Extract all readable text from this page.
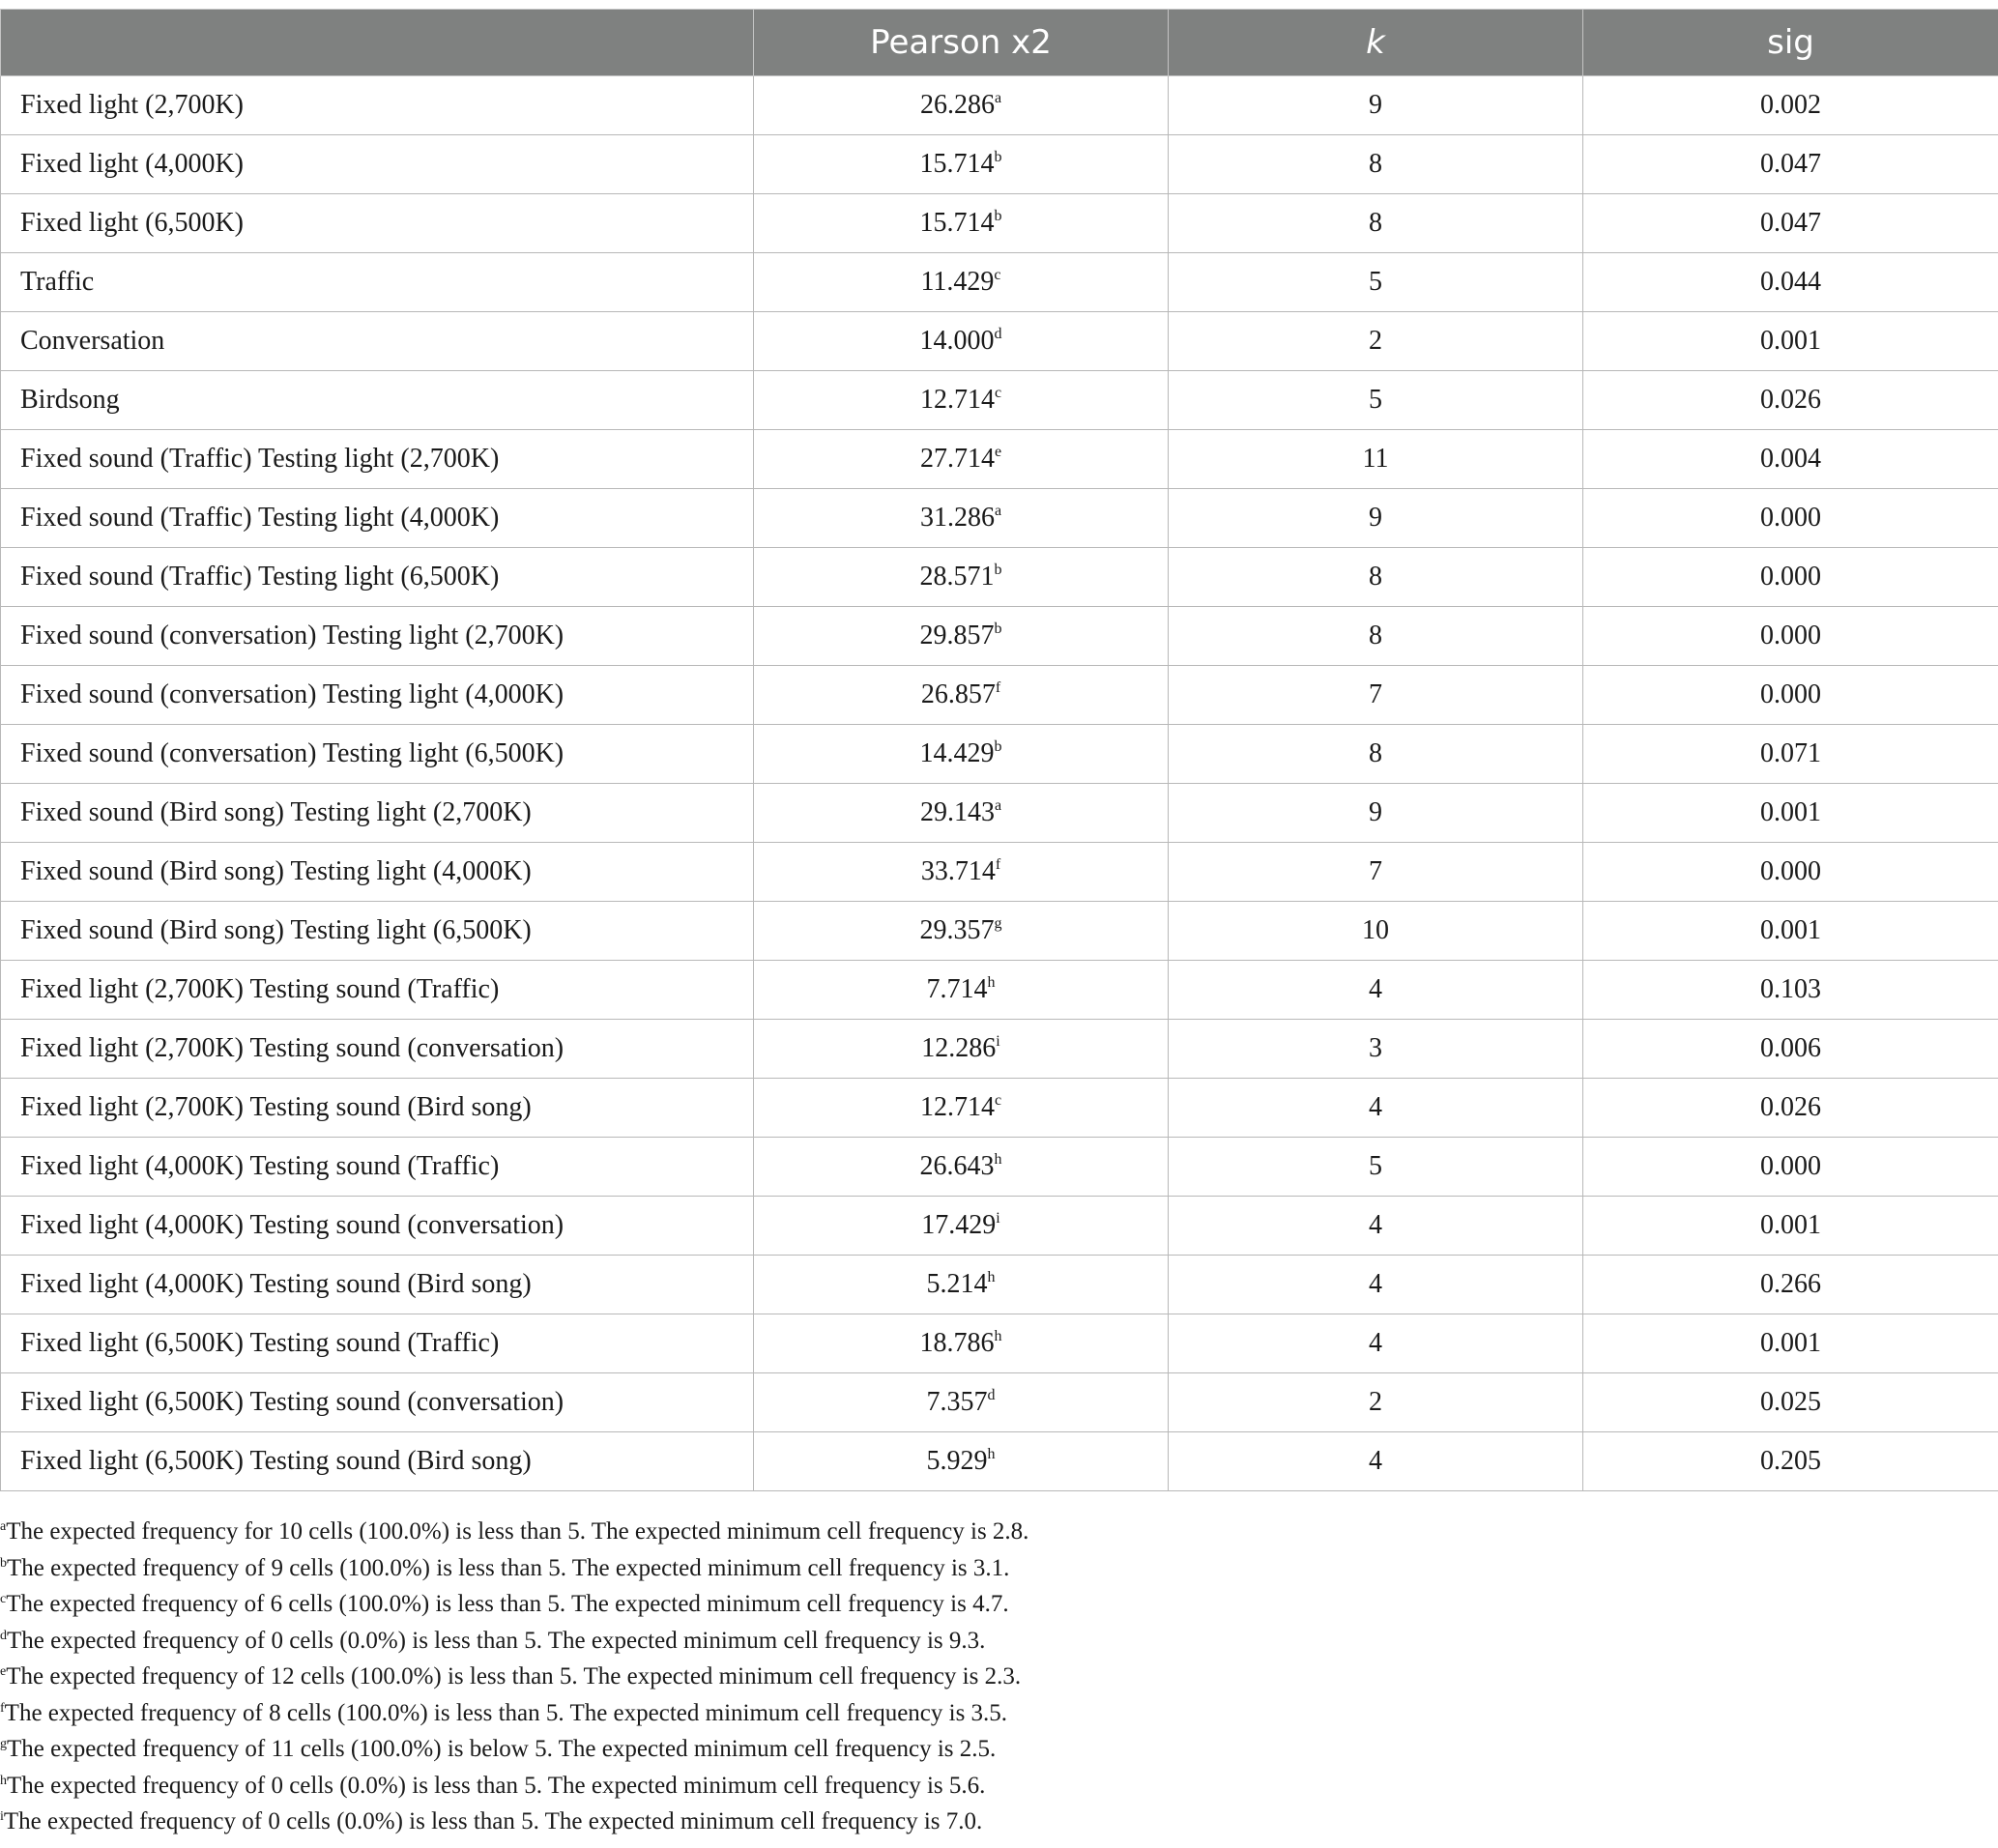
	Pearson x2	k	sig
Fixed light (2,700K)	26.286$^a$	9	0.002
Fixed light (4,000K)	15.714$^b$	8	0.047
Fixed light (6,500K)	15.714$^b$	8	0.047
Traffic	11.429$^c$	5	0.044
Conversation	14.000$^d$	2	0.001
Birdsong	12.714$^c$	5	0.026
Fixed sound (Traffic) Testing light (2,700K)	27.714e	11	0.004
Fixed sound (Traffic) Testing light (4,000K)	31.286$^a$	9	0.000
Fixed sound (Traffic) Testing light (6,500K)	28.571$^b$	8	0.000
Fixed sound (conversation) Testing light (2,700K)	29.857$^b$	8	0.000
Fixed sound (conversation) Testing light (4,000K)	26.857$^f$	7	0.000
Fixed sound (conversation) Testing light (6,500K)	14.429$^b$	8	0.071
Fixed sound (Bird song) Testing light (2,700K)	29.143$^a$	9	0.001
Fixed sound (Bird song) Testing light (4,000K)	33.714$^f$	7	0.000
Fixed sound (Bird song) Testing light (6,500K)	29.357$^g$	10	0.001
Fixed light (2,700K) Testing sound (Traffic)	7.714$^h$	4	0.103
Fixed light (2,700K) Testing sound (conversation)	12.286$^i$	3	0.006
Fixed light (2,700K) Testing sound (Bird song)	12.714$^c$	4	0.026
Fixed light (4,000K) Testing sound (Traffic)	26.643$^h$	5	0.000
Fixed light (4,000K) Testing sound (conversation)	17.429$^i$	4	0.001
Fixed light (4,000K) Testing sound (Bird song)	5.214$^h$	4	0.266
Fixed light (6,500K) Testing sound (Traffic)	18.786$^h$	4	0.001
Fixed light (6,500K) Testing sound (conversation)	7.357$^d$	2	0.025
Fixed light (6,500K) Testing sound (Bird song)	5.929$^h$	4	0.205
$^a$The expected frequency for 10 cells (100.0%) is less than 5. The expected minimum cell frequency is 2.8.
$^b$The expected frequency of 9 cells (100.0%) is less than 5. The expected minimum cell frequency is 3.1.
$^c$The expected frequency of 6 cells (100.0%) is less than 5. The expected minimum cell frequency is 4.7.
$^d$The expected frequency of 0 cells (0.0%) is less than 5. The expected minimum cell frequency is 9.3.
$^e$The expected frequency of 12 cells (100.0%) is less than 5. The expected minimum cell frequency is 2.3.
$^f$The expected frequency of 8 cells (100.0%) is less than 5. The expected minimum cell frequency is 3.5.
$^g$The expected frequency of 11 cells (100.0%) is below 5. The expected minimum cell frequency is 2.5.
$^h$The expected frequency of 0 cells (0.0%) is less than 5. The expected minimum cell frequency is 5.6.
$^i$The expected frequency of 0 cells (0.0%) is less than 5. The expected minimum cell frequency is 7.0.
